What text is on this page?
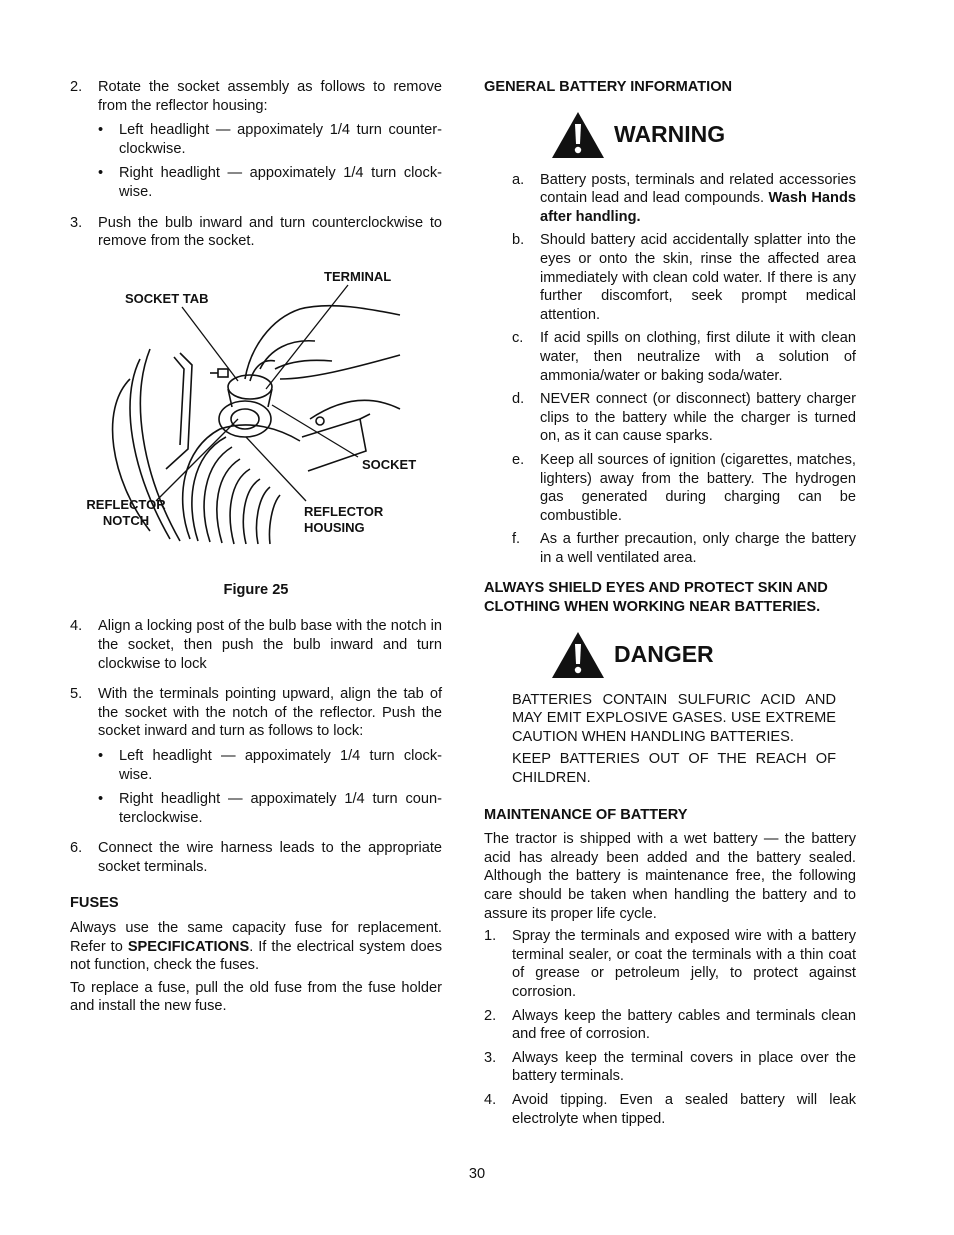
2. Rotate the socket assembly as follows to remove from the reflector housing:
• Left headlight — appoximately 1/4 turn counter-clockwise.
• Right headlight — appoximately 1/4 turn clock-wise.
3. Push the bulb inward and turn counterclockwise to remove from the socket.
TERMINAL
SOCKET TAB
SOCKET
REFLECTOR
NOTCH
REFLECTOR
HOUSING
Figure 25
4. Align a locking post of the bulb base with the notch in the socket, then push the bulb inward and turn clockwise to lock
5. With the terminals pointing upward, align the tab of the socket with the notch of the reflector. Push the socket inward and turn as follows to lock:
• Left headlight — appoximately 1/4 turn clock-wise.
• Right headlight — appoximately 1/4 turn coun-terclockwise.
6. Connect the wire harness leads to the appropriate socket terminals.
FUSES

Always use the same capacity fuse for replacement. Refer to SPECIFICATIONS. If the electrical system does not function, check the fuses.

To replace a fuse, pull the old fuse from the fuse holder and install the new fuse.

GENERAL BATTERY INFORMATION
WARNING
a. Battery posts, terminals and related accessories contain lead and lead compounds. Wash Hands after handling.
b. Should battery acid accidentally splatter into the eyes or onto the skin, rinse the affected area immediately with clean cold water. If there is any further discomfort, seek prompt medical attention.
c. If acid spills on clothing, first dilute it with clean water, then neutralize with a solution of ammonia/water or baking soda/water.
d. NEVER connect (or disconnect) battery charger clips to the battery while the charger is turned on, as it can cause sparks.
e. Keep all sources of ignition (cigarettes, matches, lighters) away from the battery. The hydrogen gas generated during charging can be combustible.
f. As a further precaution, only charge the battery in a well ventilated area.
ALWAYS SHIELD EYES AND PROTECT SKIN AND CLOTHING WHEN WORKING NEAR BATTERIES.
DANGER

BATTERIES CONTAIN SULFURIC ACID AND MAY EMIT EXPLOSIVE GASES. USE EXTREME CAUTION WHEN HANDLING BATTERIES.

KEEP BATTERIES OUT OF THE REACH OF CHILDREN.

MAINTENANCE OF BATTERY

The tractor is shipped with a wet battery — the battery acid has already been added and the battery sealed. Although the battery is maintenance free, the following care should be taken when handling the battery and to assure its proper life cycle.

1. Spray the terminals and exposed wire with a battery terminal sealer, or coat the terminals with a thin coat of grease or petroleum jelly, to protect against corrosion.
2. Always keep the battery cables and terminals clean and free of corrosion.
3. Always keep the terminal covers in place over the battery terminals.
4. Avoid tipping. Even a sealed battery will leak electrolyte when tipped.
30
